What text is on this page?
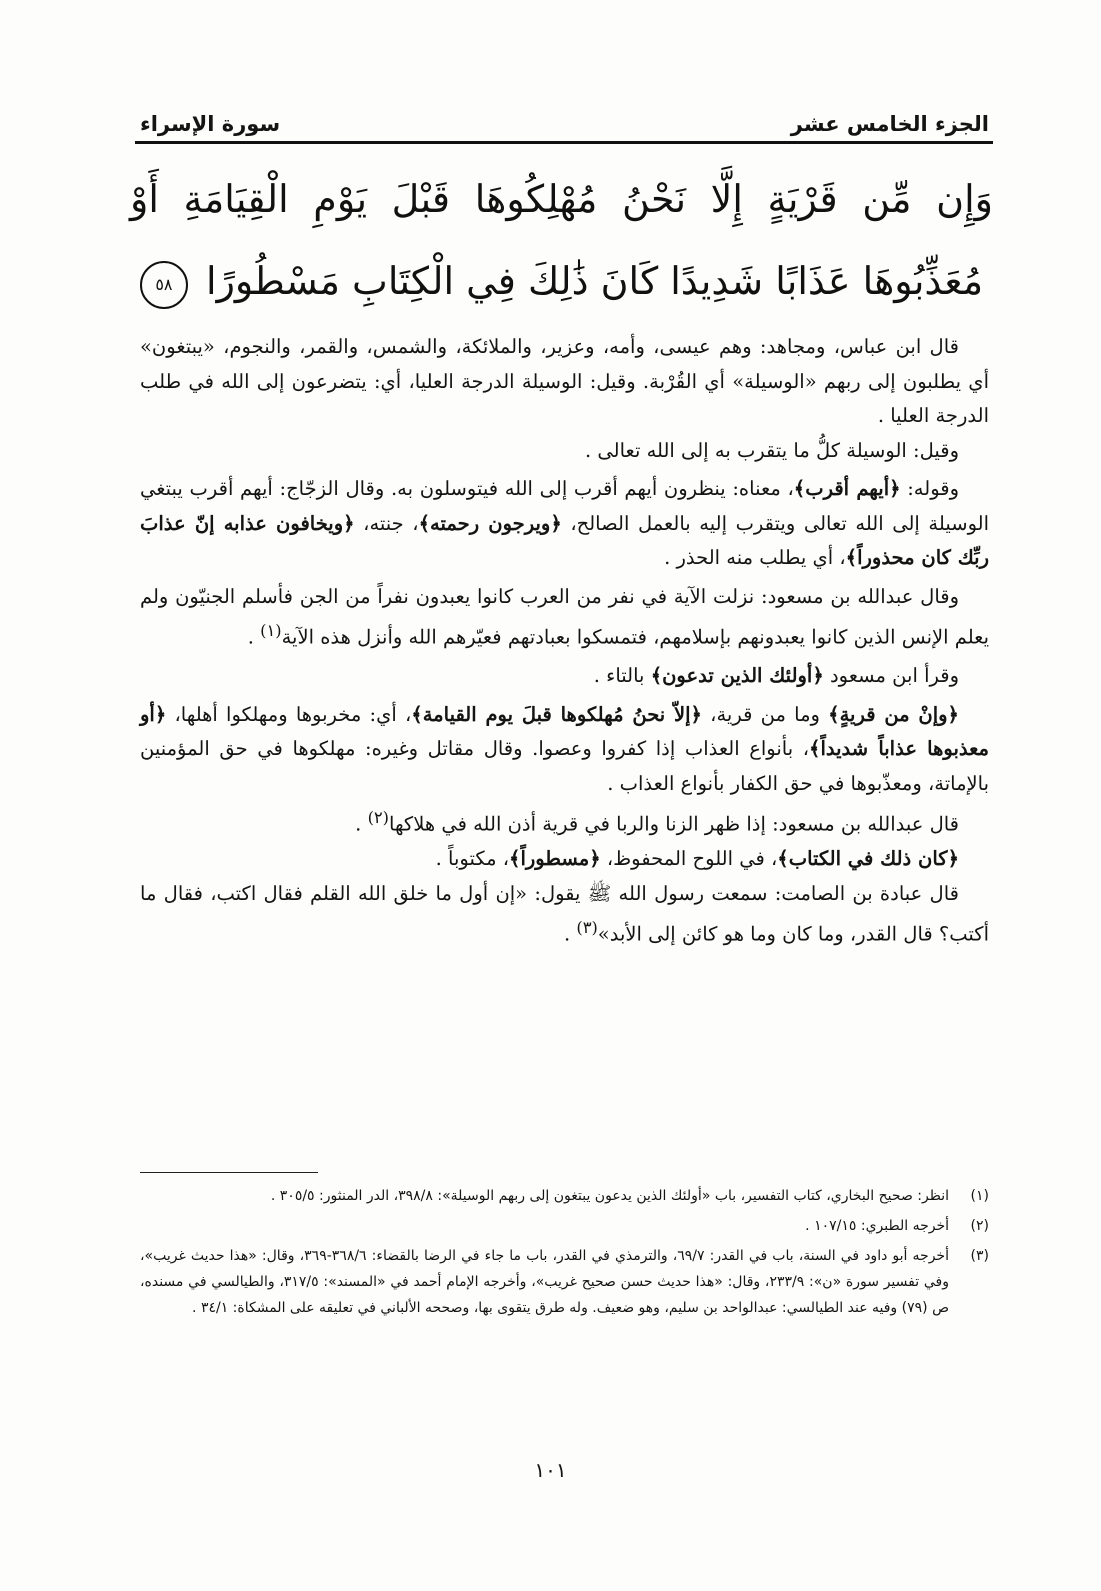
الجزء الخامس عشر
سورة الإسراء
وَإِن مِّن قَرْيَةٍ إِلَّا نَحْنُ مُهْلِكُوهَا قَبْلَ يَوْمِ الْقِيَامَةِ أَوْ مُعَذِّبُوهَا عَذَابًا شَدِيدًا كَانَ ذَٰلِكَ فِي الْكِتَابِ مَسْطُورًا ٥٨

قال ابن عباس، ومجاهد: وهم عيسى، وأمه، وعزير، والملائكة، والشمس، والقمر، والنجوم، «يبتغون» أي يطلبون إلى ربهم «الوسيلة» أي القُرْبة. وقيل: الوسيلة الدرجة العليا، أي: يتضرعون إلى الله في طلب الدرجة العليا .

وقيل: الوسيلة كلُّ ما يتقرب به إلى الله تعالى .

وقوله: ﴿أيهم أقرب﴾، معناه: ينظرون أيهم أقرب إلى الله فيتوسلون به. وقال الزجّاج: أيهم أقرب يبتغي الوسيلة إلى الله تعالى ويتقرب إليه بالعمل الصالح، ﴿ويرجون رحمته﴾، جنته، ﴿ويخافون عذابه إنّ عذابَ ربِّك كان محذوراً﴾، أي يطلب منه الحذر .

وقال عبدالله بن مسعود: نزلت الآية في نفر من العرب كانوا يعبدون نفراً من الجن فأسلم الجنيّون ولم يعلم الإنس الذين كانوا يعبدونهم بإسلامهم، فتمسكوا بعبادتهم فعيّرهم الله وأنزل هذه الآية$^{(١)}$ .

وقرأ ابن مسعود ﴿أولئك الذين تدعون﴾ بالتاء .

﴿وإنْ من قريةٍ﴾ وما من قرية، ﴿إلاّ نحنُ مُهلكوها قبلَ يوم القيامة﴾، أي: مخربوها ومهلكوا أهلها، ﴿أو معذبوها عذاباً شديداً﴾، بأنواع العذاب إذا كفروا وعصوا. وقال مقاتل وغيره: مهلكوها في حق المؤمنين بالإماتة، ومعذّبوها في حق الكفار بأنواع العذاب .

قال عبدالله بن مسعود: إذا ظهر الزنا والربا في قرية أذن الله في هلاكها$^{(٢)}$ .

﴿كان ذلك في الكتاب﴾، في اللوح المحفوظ، ﴿مسطوراً﴾، مكتوباً .

قال عبادة بن الصامت: سمعت رسول الله ﷺ يقول: «إن أول ما خلق الله القلم فقال اكتب، فقال ما أكتب؟ قال القدر، وما كان وما هو كائن إلى الأبد»$^{(٣)}$ .

(١)
انظر: صحيح البخاري، كتاب التفسير، باب «أولئك الذين يدعون يبتغون إلى ربهم الوسيلة»: ٣٩٨/٨، الدر المنثور: ٣٠٥/٥ .
(٢)
أخرجه الطبري: ١٠٧/١٥ .
(٣)
أخرجه أبو داود في السنة، باب في القدر: ٦٩/٧، والترمذي في القدر، باب ما جاء في الرضا بالقضاء: ٣٦٨/٦-٣٦٩، وقال: «هذا حديث غريب»، وفي تفسير سورة «ن»: ٢٣٣/٩، وقال: «هذا حديث حسن صحيح غريب»، وأخرجه الإمام أحمد في «المسند»: ٣١٧/٥، والطيالسي في مسنده، ص (٧٩) وفيه عند الطيالسي: عبدالواحد بن سليم، وهو ضعيف. وله طرق يتقوى بها، وصححه الألباني في تعليقه على المشكاة: ٣٤/١ .
١٠١
